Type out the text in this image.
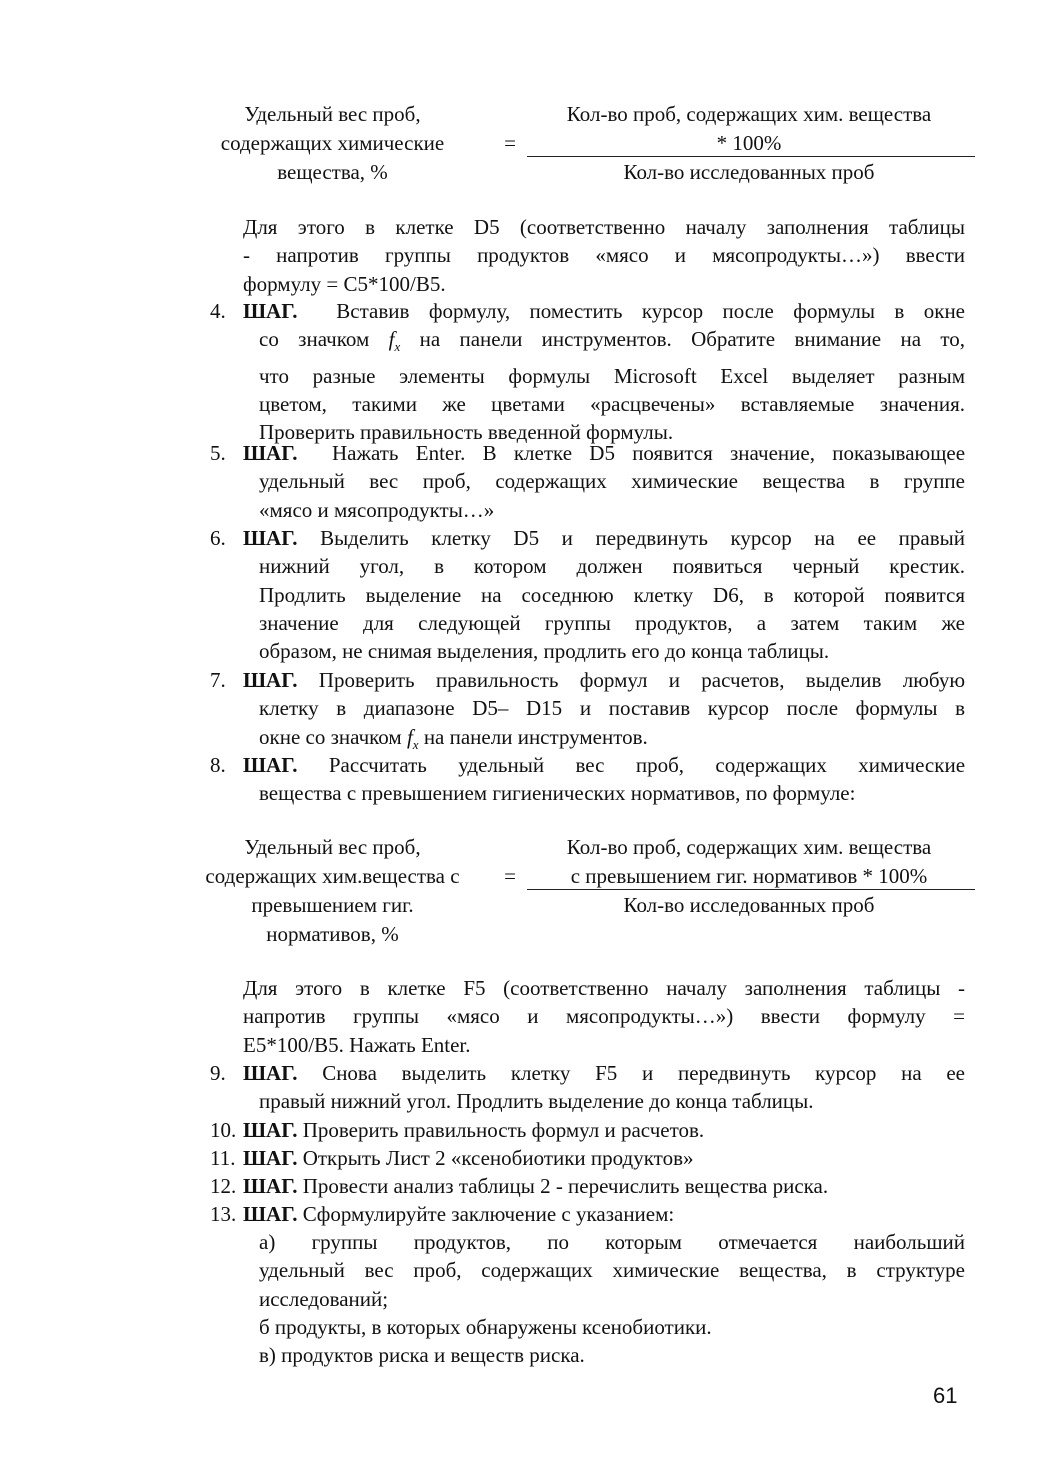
Удельный вес проб,
содержащих химические
вещества, %
=
Кол-во проб, содержащих хим. вещества
* 100%
Кол-во исследованных проб
Для этого в клетке D5 (соответственно началу заполнения таблицы
- напротив группы продуктов «мясо и мясопродукты…») ввести
формулу = С5*100/В5.
4. ШАГ. Вставив формулу, поместить курсор после формулы в окне
со значком $f_x$ на панели инструментов. Обратите внимание на то,
что разные элементы формулы Microsoft Excel выделяет разным
цветом, такими же цветами «расцвечены» вставляемые значения.
Проверить правильность введенной формулы.
5. ШАГ. Нажать Enter. В клетке D5 появится значение, показывающее
удельный вес проб, содержащих химические вещества в группе
«мясо и мясопродукты…»
6. ШАГ. Выделить клетку D5 и передвинуть курсор на ее правый
нижний угол, в котором должен появиться черный крестик.
Продлить выделение на соседнюю клетку D6, в которой появится
значение для следующей группы продуктов, а затем таким же
образом, не снимая выделения, продлить его до конца таблицы.
7. ШАГ. Проверить правильность формул и расчетов, выделив любую
клетку в диапазоне D5– D15 и поставив курсор после формулы в
окне со значком $f_x$ на панели инструментов.
8. ШАГ. Рассчитать удельный вес проб, содержащих химические
вещества с превышением гигиенических нормативов, по формуле:
Удельный вес проб,
содержащих хим.вещества с
превышением гиг.
нормативов, %
=
Кол-во проб, содержащих хим. вещества
с превышением гиг. нормативов * 100%
Кол-во исследованных проб
Для этого в клетке F5 (соответственно началу заполнения таблицы -
напротив группы «мясо и мясопродукты…») ввести формулу =
Е5*100/В5. Нажать Enter.
9. ШАГ. Снова выделить клетку F5 и передвинуть курсор на ее
правый нижний угол. Продлить выделение до конца таблицы.
10. ШАГ. Проверить правильность формул и расчетов.
11. ШАГ. Открыть Лист 2 «ксенобиотики продуктов»
12. ШАГ. Провести анализ таблицы 2 - перечислить вещества риска.
13. ШАГ. Сформулируйте заключение с указанием:
а) группы продуктов, по которым отмечается наибольший
удельный вес проб, содержащих химические вещества, в структуре
исследований;
б продукты, в которых обнаружены ксенобиотики.
в) продуктов риска и веществ риска.
61
